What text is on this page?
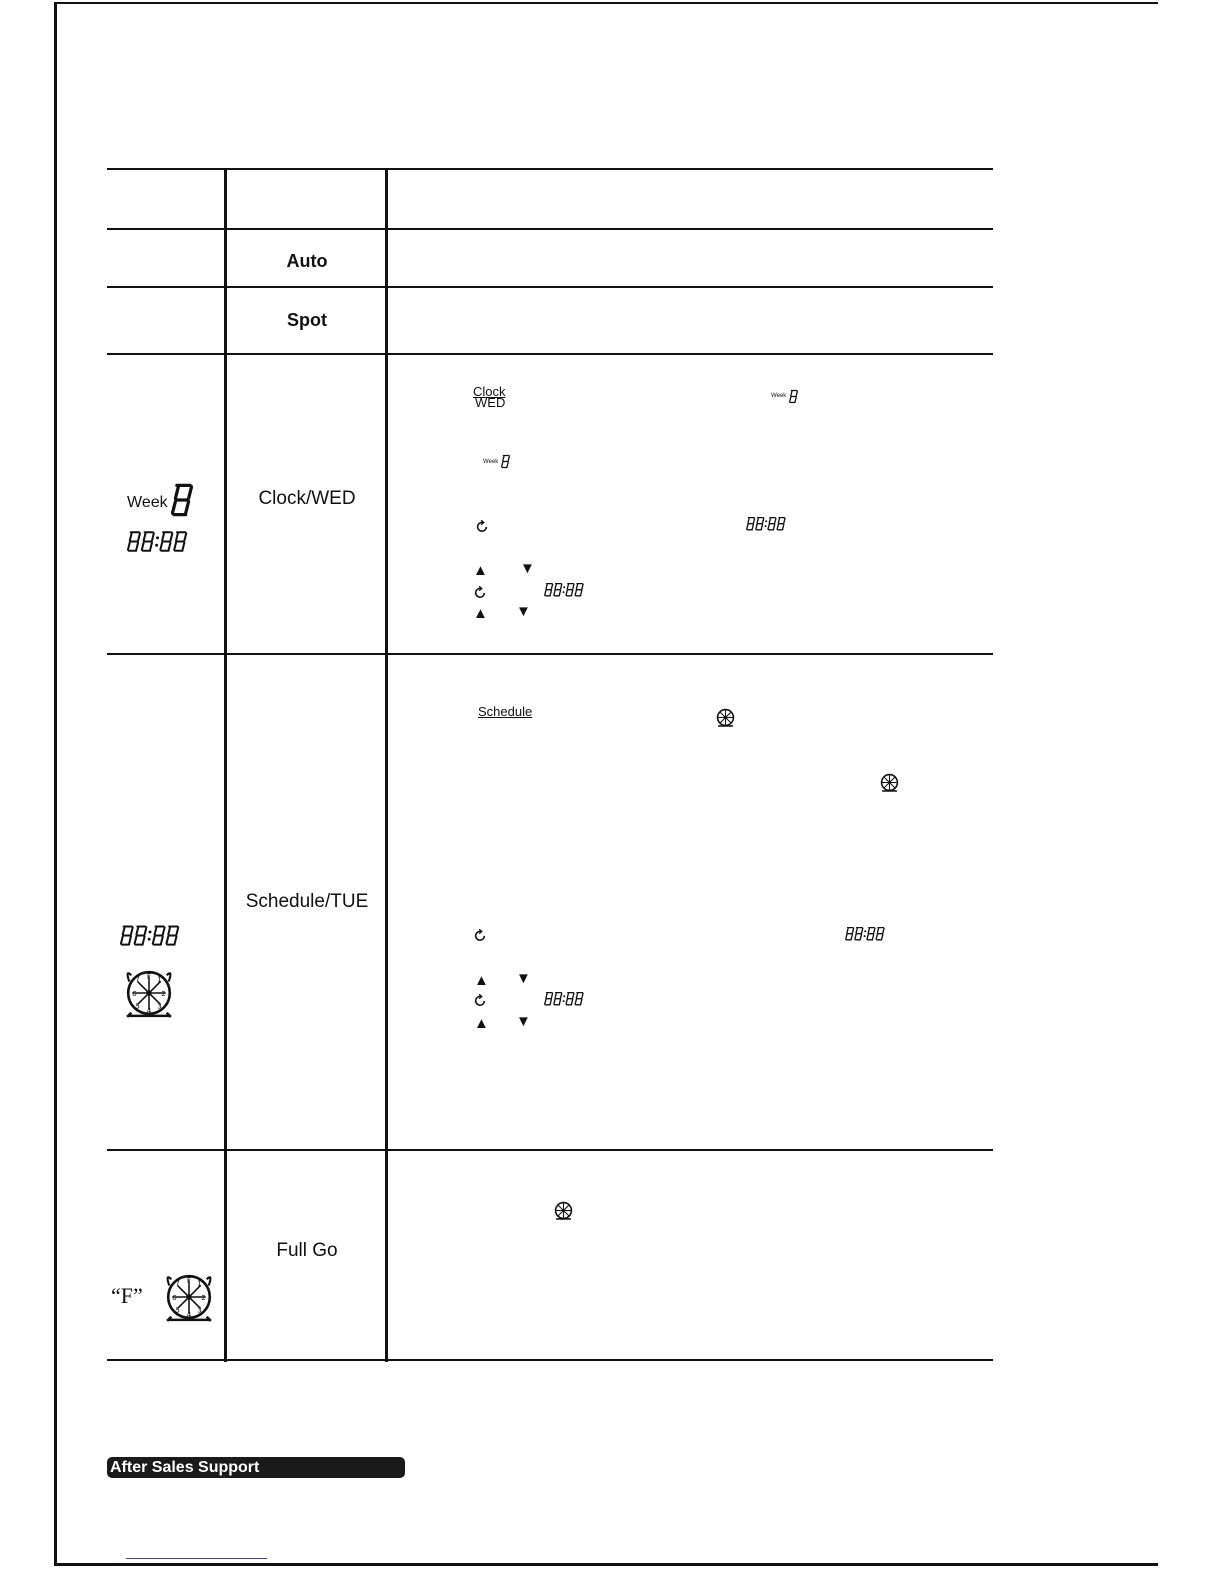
Auto
Spot
Week	Clock/WED
Clock
WED	Week
Week
▲ ▼
▲ ▼
Schedule/TUE
Schedule
▲ ▼
▲ ▼
“F”
Full Go
After Sales Support
